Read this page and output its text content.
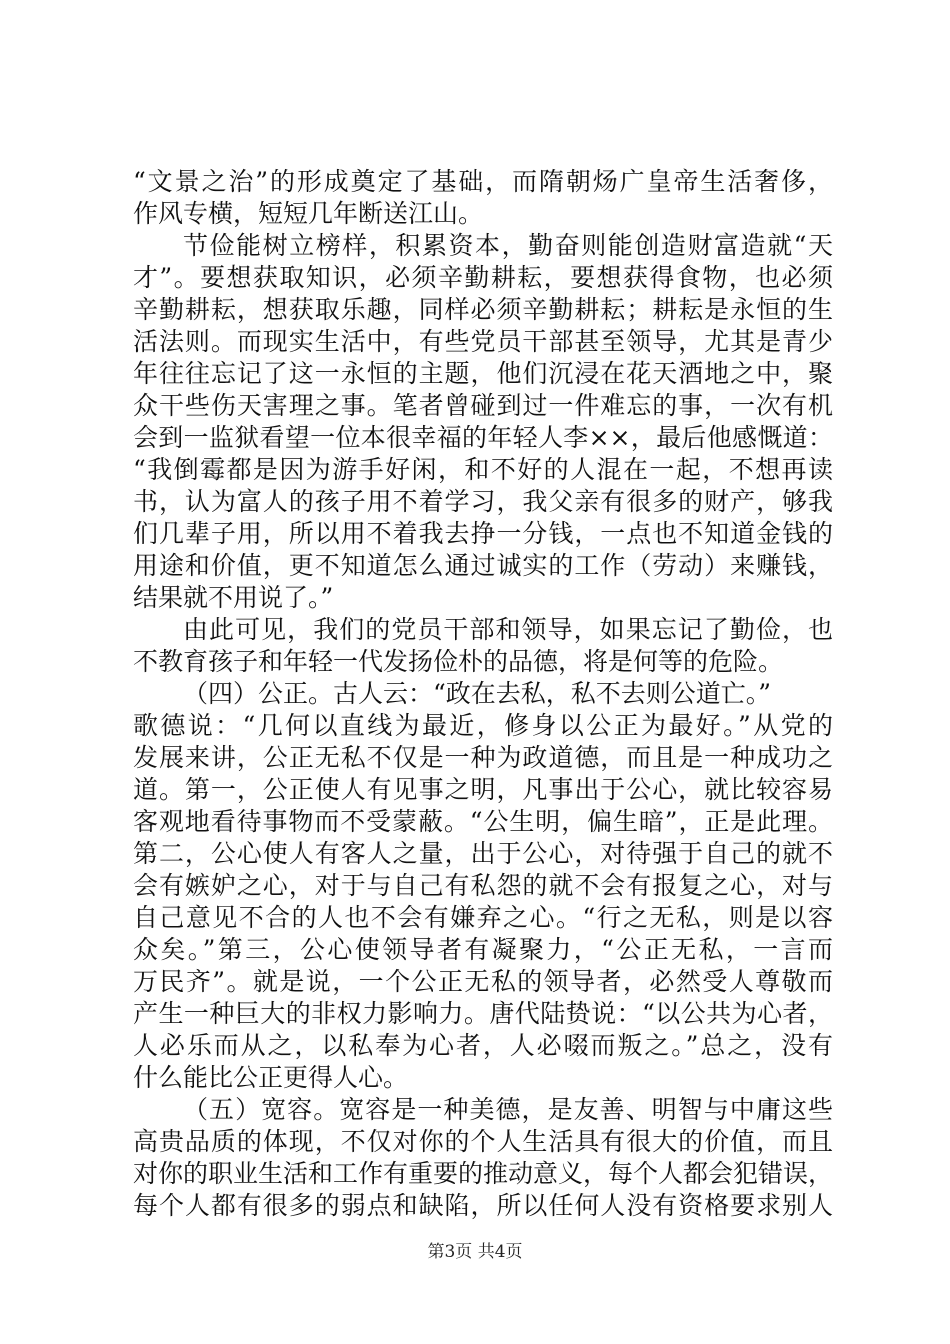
“文景之治”的形成奠定了基础，而隋朝炀广皇帝生活奢侈，
作风专横，短短几年断送江山。
节俭能树立榜样，积累资本，勤奋则能创造财富造就“天
才”。要想获取知识，必须辛勤耕耘，要想获得食物，也必须
辛勤耕耘，想获取乐趣，同样必须辛勤耕耘；耕耘是永恒的生
活法则。而现实生活中，有些党员干部甚至领导，尤其是青少
年往往忘记了这一永恒的主题，他们沉浸在花天酒地之中，聚
众干些伤天害理之事。笔者曾碰到过一件难忘的事，一次有机
会到一监狱看望一位本很幸福的年轻人李××，最后他感慨道：
“我倒霉都是因为游手好闲，和不好的人混在一起，不想再读
书，认为富人的孩子用不着学习，我父亲有很多的财产，够我
们几辈子用，所以用不着我去挣一分钱，一点也不知道金钱的
用途和价值，更不知道怎么通过诚实的工作（劳动）来赚钱，
结果就不用说了。”
由此可见，我们的党员干部和领导，如果忘记了勤俭，也
不教育孩子和年轻一代发扬俭朴的品德，将是何等的危险。
（四）公正。古人云：“政在去私，私不去则公道亡。”
歌德说：“几何以直线为最近，修身以公正为最好。”从党的
发展来讲，公正无私不仅是一种为政道德，而且是一种成功之
道。第一，公正使人有见事之明，凡事出于公心，就比较容易
客观地看待事物而不受蒙蔽。“公生明，偏生暗”，正是此理。
第二，公心使人有客人之量，出于公心，对待强于自己的就不
会有嫉妒之心，对于与自己有私怨的就不会有报复之心，对与
自己意见不合的人也不会有嫌弃之心。“行之无私，则是以容
众矣。”第三，公心使领导者有凝聚力，“公正无私，一言而
万民齐”。就是说，一个公正无私的领导者，必然受人尊敬而
产生一种巨大的非权力影响力。唐代陆贽说：“以公共为心者，
人必乐而从之，以私奉为心者，人必啜而叛之。”总之，没有
什么能比公正更得人心。
（五）宽容。宽容是一种美德，是友善、明智与中庸这些
高贵品质的体现，不仅对你的个人生活具有很大的价值，而且
对你的职业生活和工作有重要的推动意义，每个人都会犯错误，
每个人都有很多的弱点和缺陷，所以任何人没有资格要求别人
第3页 共4页
